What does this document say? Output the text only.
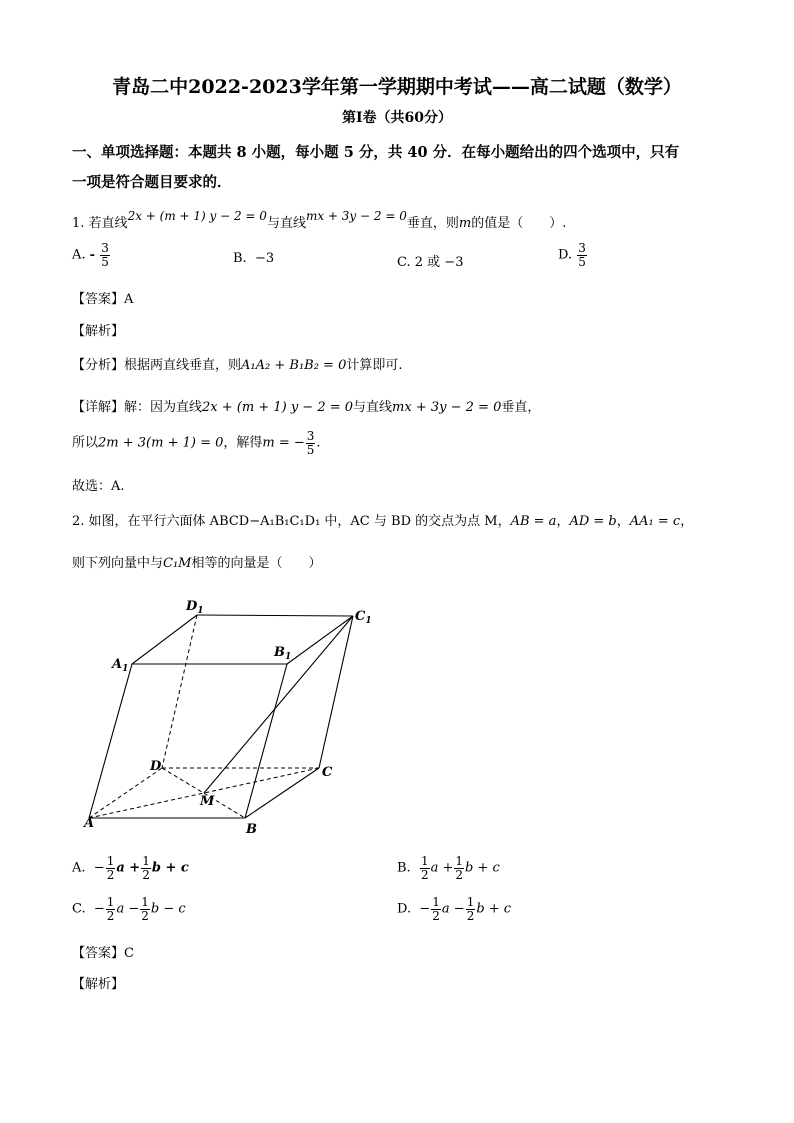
青岛二中2022-2023学年第一学期期中考试——高二试题（数学）
第Ⅰ卷（共60分）
一、单项选择题：本题共 8 小题，每小题 5 分，共 40 分．在每小题给出的四个选项中，只有
一项是符合题目要求的．
1. 若直线2x + (m + 1) y − 2 = 0与直线mx + 3y − 2 = 0垂直，则m的值是（　　）.
A. - $\frac{3}{5}$	B. −3	C. 2 或 −3	D. $\frac{3}{5}$
【答案】A
【解析】
【分析】根据两直线垂直，则A₁A₂ + B₁B₂ = 0计算即可.
【详解】解：因为直线2x + (m + 1) y − 2 = 0与直线mx + 3y − 2 = 0垂直，
所以2m + 3(m + 1) = 0，解得m = − $\frac{3}{5}$ .
故选：A.
2. 如图，在平行六面体 ABCD−A₁B₁C₁D₁ 中，AC 与 BD 的交点为点 M，AB = a，AD = b，AA₁ = c，
则下列向量中与C₁M相等的向量是（　　）
$D_1$	$C_1$
$A_1$
$B_1$
D	C
M
A	B
A. − $\frac{1}{2}$ $a + \frac{1}{2}$ b + c	B. $\frac{1}{2}$ $a + \frac{1}{2}$ b + c
C. − $\frac{1}{2}$ $a - \frac{1}{2}$ b − c	D. − $\frac{1}{2}$ $a - \frac{1}{2}$ b + c
【答案】C
【解析】
